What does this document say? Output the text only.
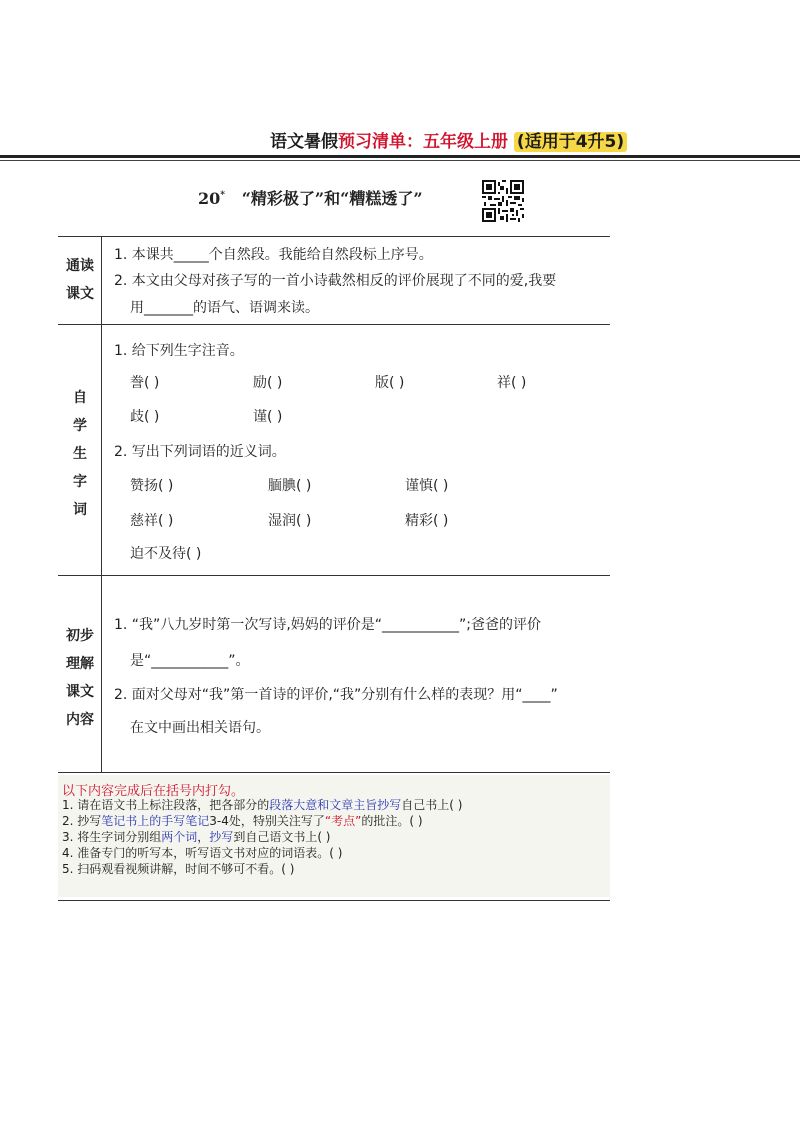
语文暑假预习清单：五年级上册 (适用于4升5)
20* “精彩极了”和“糟糕透了”
通读
课文
1. 本课共_____个自然段。我能给自然段标上序号。
2. 本文由父母对孩子写的一首小诗截然相反的评价展现了不同的爱,我要
用_______的语气、语调来读。
自
学
生
字
词
1. 给下列生字注音。
誊( )	励( )	版( )	祥( )
歧( )	谨( )
2. 写出下列词语的近义词。
赞扬( )	腼腆( )	谨慎( )
慈祥( )	湿润( )	精彩( )
迫不及待( )
初步
理解
课文
内容
1. “我”八九岁时第一次写诗,妈妈的评价是“___________”;爸爸的评价
是“___________”。
2. 面对父母对“我”第一首诗的评价,“我”分别有什么样的表现？用“____”
在文中画出相关语句。
以下内容完成后在括号内打勾。
1. 请在语文书上标注段落，把各部分的段落大意和文章主旨抄写自己书上( )
2. 抄写笔记书上的手写笔记3-4处，特别关注写了“考点”的批注。( )
3. 将生字词分别组两个词，抄写到自己语文书上( )
4. 准备专门的听写本，听写语文书对应的词语表。( )
5. 扫码观看视频讲解，时间不够可不看。( )
